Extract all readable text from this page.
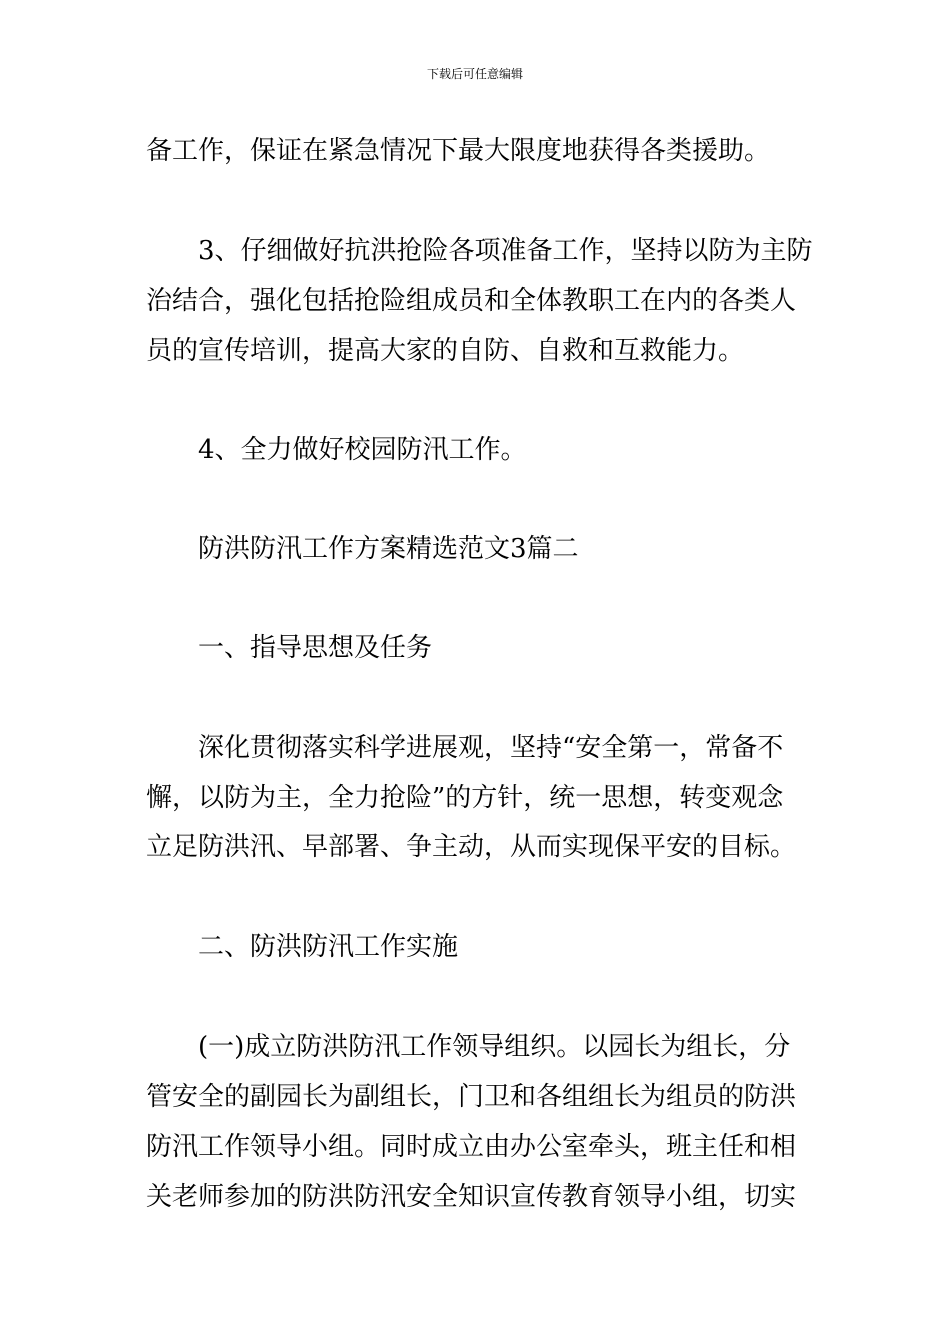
下载后可任意编辑
备工作，保证在紧急情况下最大限度地获得各类援助。
3、仔细做好抗洪抢险各项准备工作，坚持以防为主防
治结合，强化包括抢险组成员和全体教职工在内的各类人
员的宣传培训，提高大家的自防、自救和互救能力。
4、全力做好校园防汛工作。
防洪防汛工作方案精选范文3篇二
一、指导思想及任务
深化贯彻落实科学进展观，坚持“安全第一，常备不
懈，以防为主，全力抢险”的方针，统一思想，转变观念
立足防洪汛、早部署、争主动，从而实现保平安的目标。
二、防洪防汛工作实施
(一)成立防洪防汛工作领导组织。以园长为组长，分
管安全的副园长为副组长，门卫和各组组长为组员的防洪
防汛工作领导小组。同时成立由办公室牵头，班主任和相
关老师参加的防洪防汛安全知识宣传教育领导小组，切实
